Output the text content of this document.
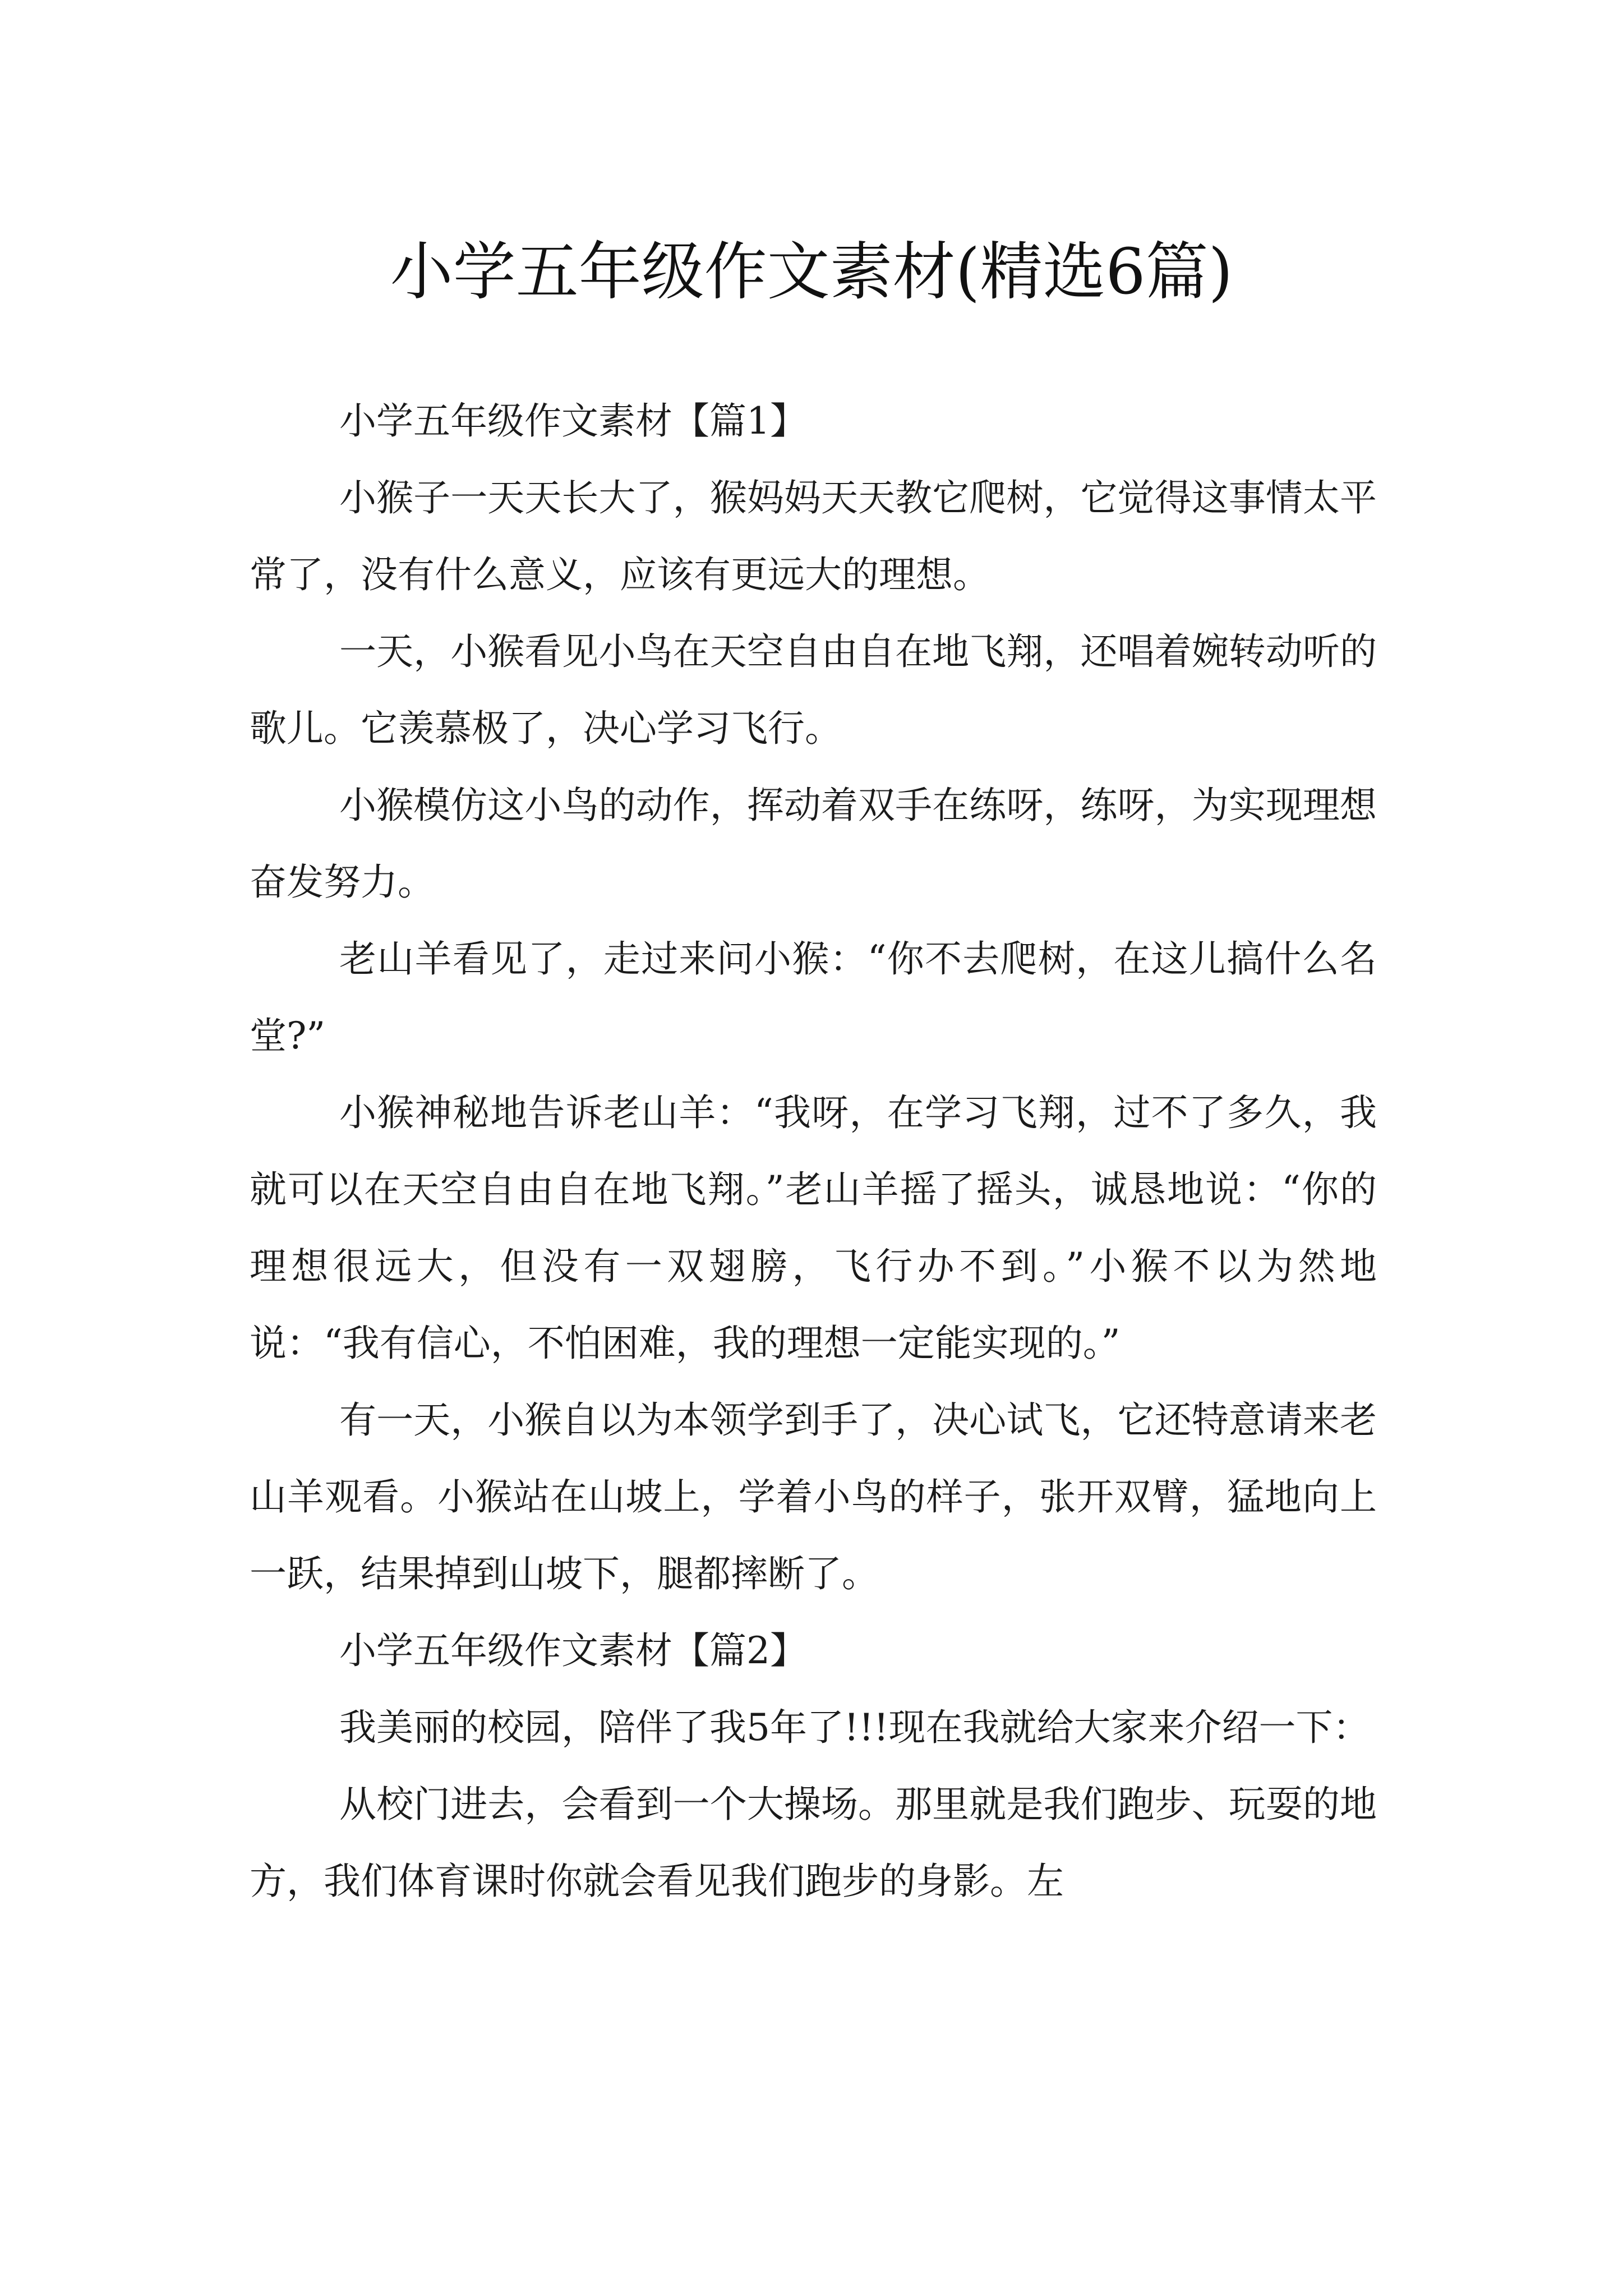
小学五年级作文素材(精选6篇)

小学五年级作文素材【篇1】

小猴子一天天长大了，猴妈妈天天教它爬树，它觉得这事情太平常了，没有什么意义，应该有更远大的理想。

一天，小猴看见小鸟在天空自由自在地飞翔，还唱着婉转动听的歌儿。它羡慕极了，决心学习飞行。

小猴模仿这小鸟的动作，挥动着双手在练呀，练呀，为实现理想奋发努力。

老山羊看见了，走过来问小猴：“你不去爬树，在这儿搞什么名堂?”

小猴神秘地告诉老山羊：“我呀，在学习飞翔，过不了多久，我就可以在天空自由自在地飞翔。”老山羊摇了摇头，诚恳地说：“你的理想很远大，但没有一双翅膀，飞行办不到。”小猴不以为然地说：“我有信心，不怕困难，我的理想一定能实现的。”

有一天，小猴自以为本领学到手了，决心试飞，它还特意请来老山羊观看。小猴站在山坡上，学着小鸟的样子，张开双臂，猛地向上一跃，结果掉到山坡下，腿都摔断了。

小学五年级作文素材【篇2】

我美丽的校园，陪伴了我5年了!!!现在我就给大家来介绍一下：

从校门进去，会看到一个大操场。那里就是我们跑步、玩耍的地方，我们体育课时你就会看见我们跑步的身影。左
